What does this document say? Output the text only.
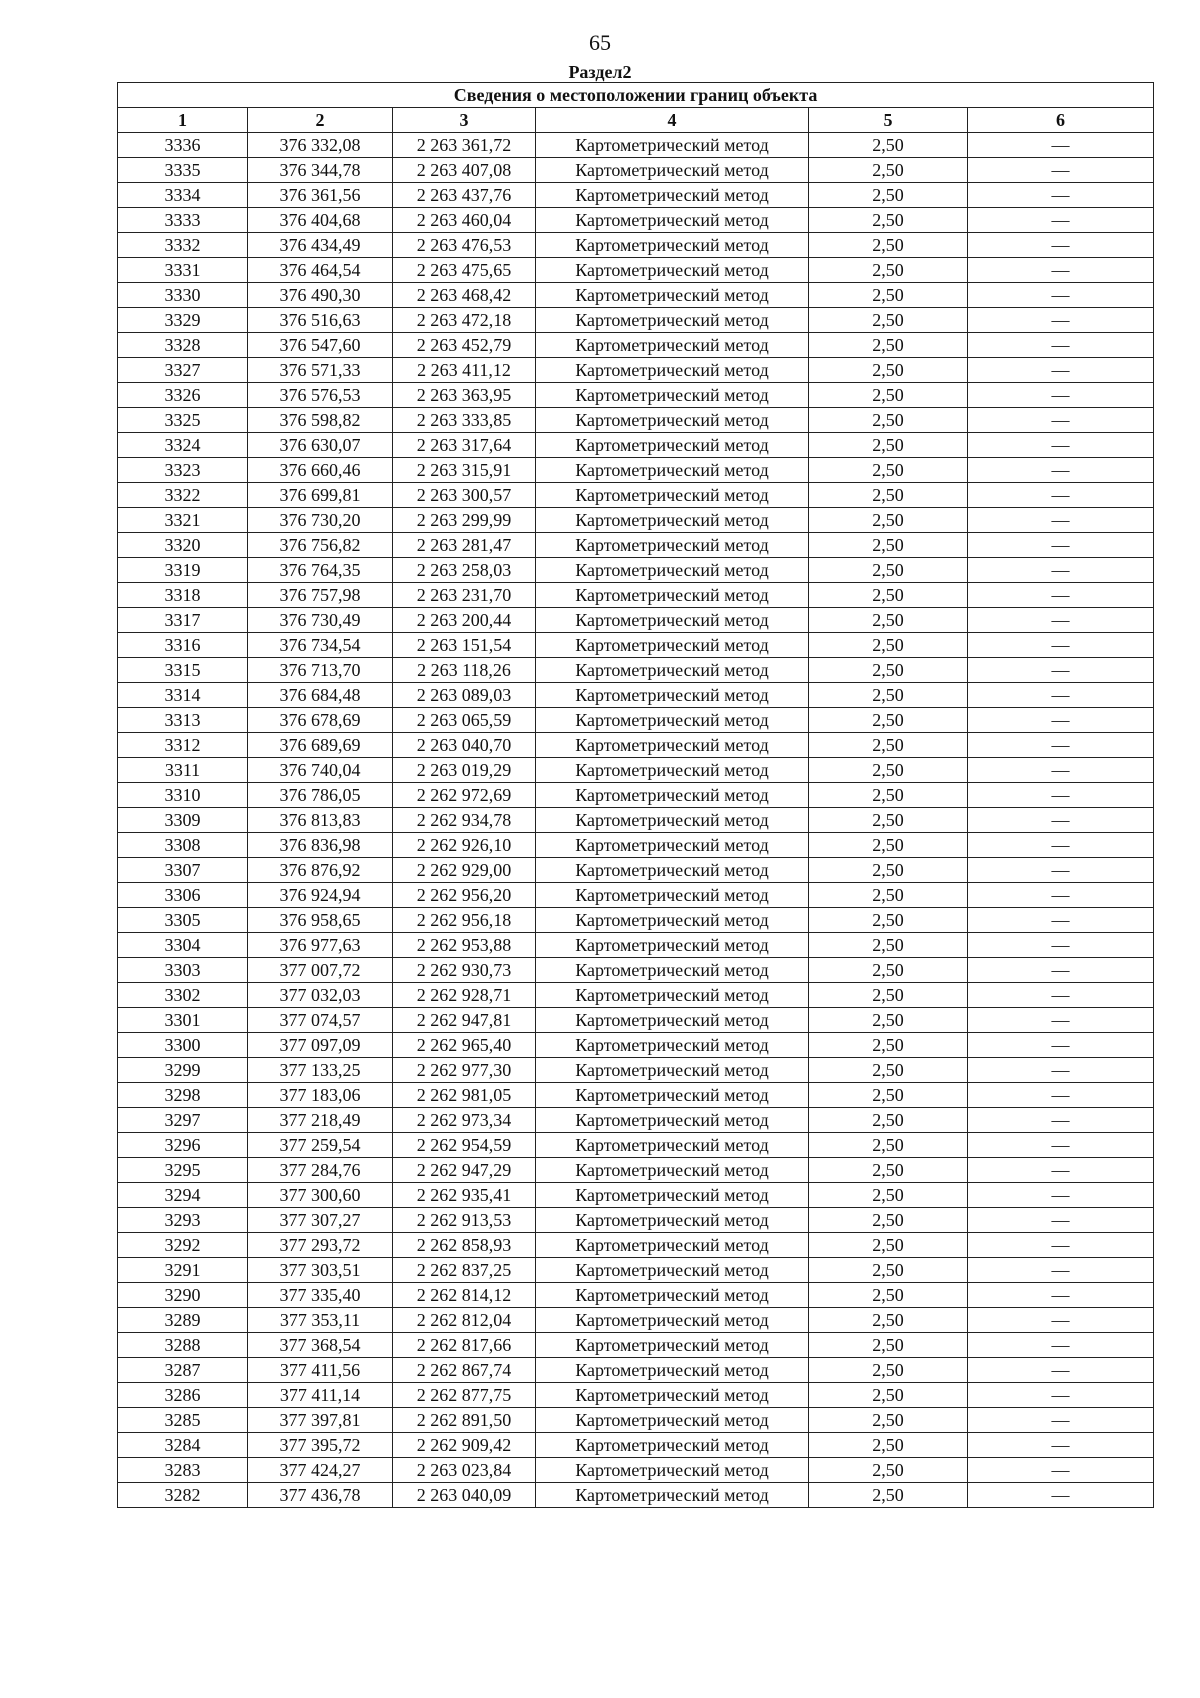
65
Раздел2
Сведения о местоположении границ объекта					
1	2	3	4	5	6
3336	376 332,08	2 263 361,72	Картометрический метод	2,50	—
3335	376 344,78	2 263 407,08	Картометрический метод	2,50	—
3334	376 361,56	2 263 437,76	Картометрический метод	2,50	—
3333	376 404,68	2 263 460,04	Картометрический метод	2,50	—
3332	376 434,49	2 263 476,53	Картометрический метод	2,50	—
3331	376 464,54	2 263 475,65	Картометрический метод	2,50	—
3330	376 490,30	2 263 468,42	Картометрический метод	2,50	—
3329	376 516,63	2 263 472,18	Картометрический метод	2,50	—
3328	376 547,60	2 263 452,79	Картометрический метод	2,50	—
3327	376 571,33	2 263 411,12	Картометрический метод	2,50	—
3326	376 576,53	2 263 363,95	Картометрический метод	2,50	—
3325	376 598,82	2 263 333,85	Картометрический метод	2,50	—
3324	376 630,07	2 263 317,64	Картометрический метод	2,50	—
3323	376 660,46	2 263 315,91	Картометрический метод	2,50	—
3322	376 699,81	2 263 300,57	Картометрический метод	2,50	—
3321	376 730,20	2 263 299,99	Картометрический метод	2,50	—
3320	376 756,82	2 263 281,47	Картометрический метод	2,50	—
3319	376 764,35	2 263 258,03	Картометрический метод	2,50	—
3318	376 757,98	2 263 231,70	Картометрический метод	2,50	—
3317	376 730,49	2 263 200,44	Картометрический метод	2,50	—
3316	376 734,54	2 263 151,54	Картометрический метод	2,50	—
3315	376 713,70	2 263 118,26	Картометрический метод	2,50	—
3314	376 684,48	2 263 089,03	Картометрический метод	2,50	—
3313	376 678,69	2 263 065,59	Картометрический метод	2,50	—
3312	376 689,69	2 263 040,70	Картометрический метод	2,50	—
3311	376 740,04	2 263 019,29	Картометрический метод	2,50	—
3310	376 786,05	2 262 972,69	Картометрический метод	2,50	—
3309	376 813,83	2 262 934,78	Картометрический метод	2,50	—
3308	376 836,98	2 262 926,10	Картометрический метод	2,50	—
3307	376 876,92	2 262 929,00	Картометрический метод	2,50	—
3306	376 924,94	2 262 956,20	Картометрический метод	2,50	—
3305	376 958,65	2 262 956,18	Картометрический метод	2,50	—
3304	376 977,63	2 262 953,88	Картометрический метод	2,50	—
3303	377 007,72	2 262 930,73	Картометрический метод	2,50	—
3302	377 032,03	2 262 928,71	Картометрический метод	2,50	—
3301	377 074,57	2 262 947,81	Картометрический метод	2,50	—
3300	377 097,09	2 262 965,40	Картометрический метод	2,50	—
3299	377 133,25	2 262 977,30	Картометрический метод	2,50	—
3298	377 183,06	2 262 981,05	Картометрический метод	2,50	—
3297	377 218,49	2 262 973,34	Картометрический метод	2,50	—
3296	377 259,54	2 262 954,59	Картометрический метод	2,50	—
3295	377 284,76	2 262 947,29	Картометрический метод	2,50	—
3294	377 300,60	2 262 935,41	Картометрический метод	2,50	—
3293	377 307,27	2 262 913,53	Картометрический метод	2,50	—
3292	377 293,72	2 262 858,93	Картометрический метод	2,50	—
3291	377 303,51	2 262 837,25	Картометрический метод	2,50	—
3290	377 335,40	2 262 814,12	Картометрический метод	2,50	—
3289	377 353,11	2 262 812,04	Картометрический метод	2,50	—
3288	377 368,54	2 262 817,66	Картометрический метод	2,50	—
3287	377 411,56	2 262 867,74	Картометрический метод	2,50	—
3286	377 411,14	2 262 877,75	Картометрический метод	2,50	—
3285	377 397,81	2 262 891,50	Картометрический метод	2,50	—
3284	377 395,72	2 262 909,42	Картометрический метод	2,50	—
3283	377 424,27	2 263 023,84	Картометрический метод	2,50	—
3282	377 436,78	2 263 040,09	Картометрический метод	2,50	—
